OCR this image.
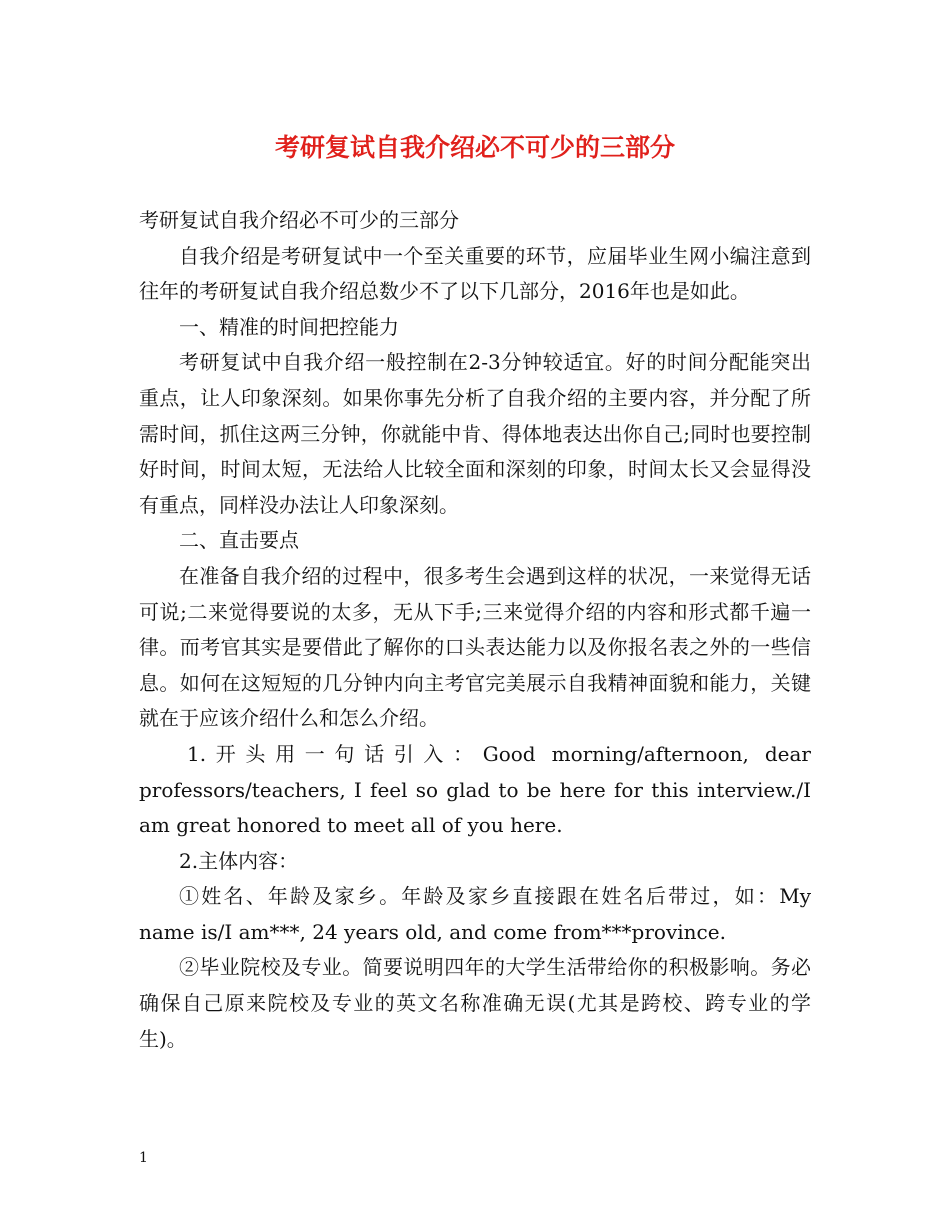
考研复试自我介绍必不可少的三部分

考研复试自我介绍必不可少的三部分

自我介绍是考研复试中一个至关重要的环节，应届毕业生网小编注意到往年的考研复试自我介绍总数少不了以下几部分，2016年也是如此。

一、精准的时间把控能力

考研复试中自我介绍一般控制在2-3分钟较适宜。好的时间分配能突出重点，让人印象深刻。如果你事先分析了自我介绍的主要内容，并分配了所需时间，抓住这两三分钟，你就能中肯、得体地表达出你自己;同时也要控制好时间，时间太短，无法给人比较全面和深刻的印象，时间太长又会显得没有重点，同样没办法让人印象深刻。

二、直击要点

在准备自我介绍的过程中，很多考生会遇到这样的状况，一来觉得无话可说;二来觉得要说的太多，无从下手;三来觉得介绍的内容和形式都千遍一律。而考官其实是要借此了解你的口头表达能力以及你报名表之外的一些信息。如何在这短短的几分钟内向主考官完美展示自我精神面貌和能力，关键就在于应该介绍什么和怎么介绍。

1.开头用一句话引入：Good morning/afternoon, dear professors/teachers, I feel so glad to be here for this interview./I am great honored to meet all of you here.

2.主体内容：

①姓名、年龄及家乡。年龄及家乡直接跟在姓名后带过，如：My name is/I am***, 24 years old, and come from***province.

②毕业院校及专业。简要说明四年的大学生活带给你的积极影响。务必确保自己原来院校及专业的英文名称准确无误(尤其是跨校、跨专业的学生)。

1
